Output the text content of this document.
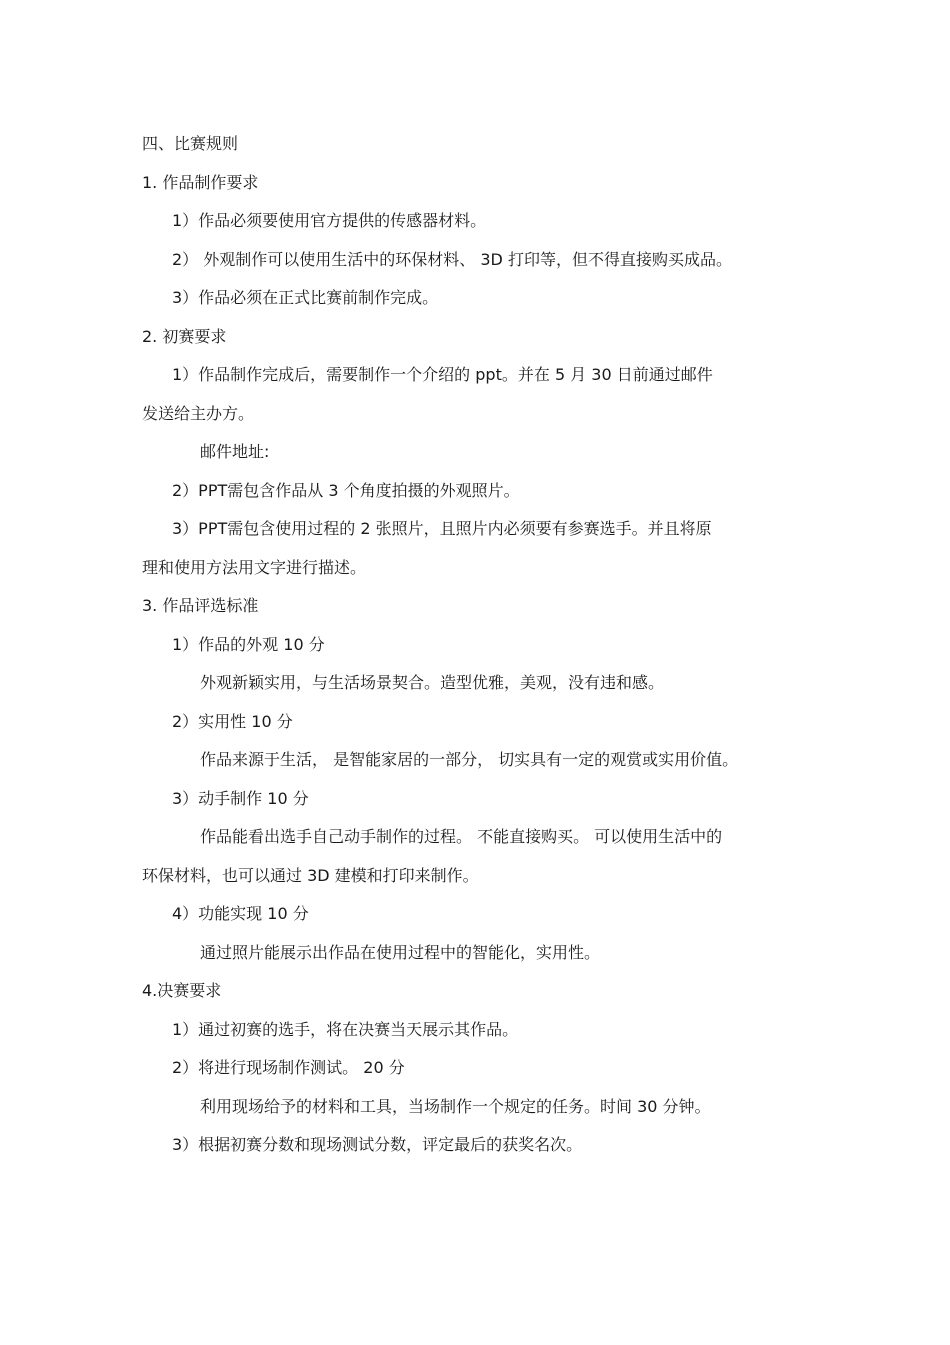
四、比赛规则

1. 作品制作要求

1）作品必须要使用官方提供的传感器材料。

2） 外观制作可以使用生活中的环保材料、 3D 打印等，但不得直接购买成品。

3）作品必须在正式比赛前制作完成。

2. 初赛要求

1）作品制作完成后，需要制作一个介绍的 ppt。并在 5 月 30 日前通过邮件

发送给主办方。

邮件地址:

2）PPT需包含作品从 3 个角度拍摄的外观照片。

3）PPT需包含使用过程的 2 张照片，且照片内必须要有参赛选手。并且将原

理和使用方法用文字进行描述。

3. 作品评选标准

1）作品的外观 10 分

外观新颖实用，与生活场景契合。造型优雅，美观，没有违和感。

2）实用性 10 分

作品来源于生活， 是智能家居的一部分， 切实具有一定的观赏或实用价值。

3）动手制作 10 分

作品能看出选手自己动手制作的过程。 不能直接购买。 可以使用生活中的

环保材料，也可以通过 3D 建模和打印来制作。

4）功能实现 10 分

通过照片能展示出作品在使用过程中的智能化，实用性。

4.决赛要求

1）通过初赛的选手，将在决赛当天展示其作品。

2）将进行现场制作测试。 20 分

利用现场给予的材料和工具，当场制作一个规定的任务。时间 30 分钟。

3）根据初赛分数和现场测试分数，评定最后的获奖名次。
